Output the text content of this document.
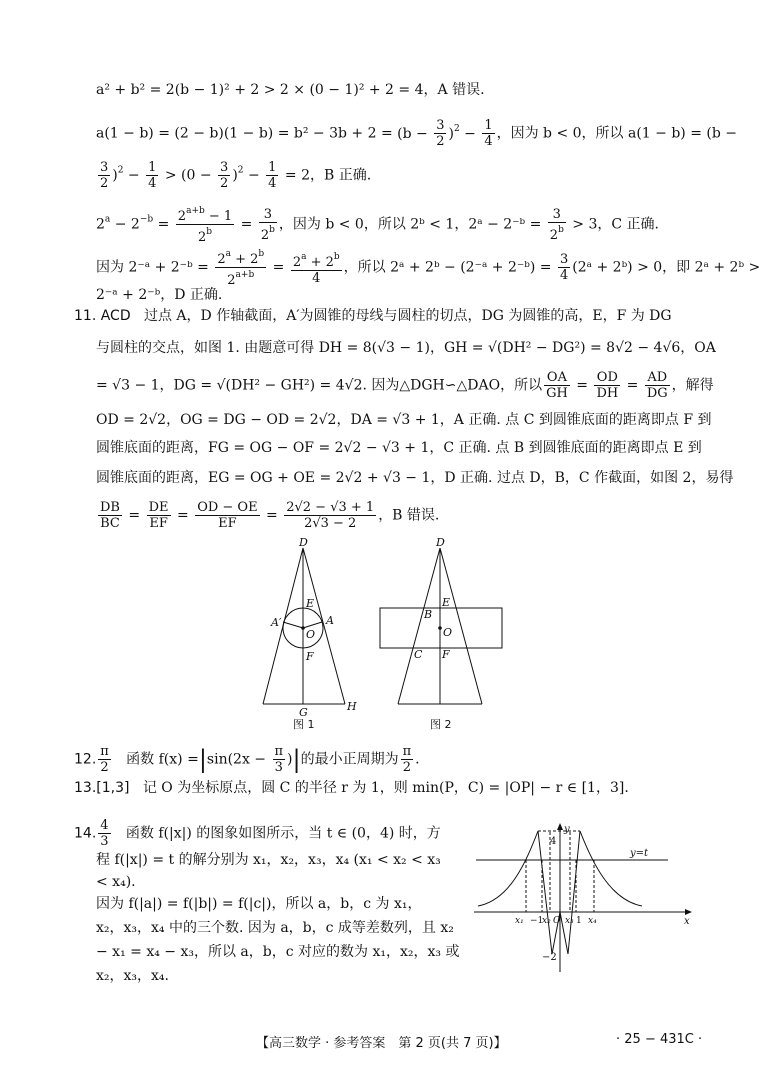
a² + b² = 2(b − 1)² + 2 > 2 × (0 − 1)² + 2 = 4，A 错误.
$a(1 - b) = (2 - b)(1 - b) = b^2 - 3b + 2 = (b - \frac{3}{2} )^2 - \frac{1}{4}$ ，因为 b < 0，所以 a(1 − b) = (b −
$\frac{3}{2} )^2 - \frac{1}{4} > (0 - \frac{3}{2} )^2 - \frac{1}{4} = 2$，B 正确.
$2^a - 2^{-b} = \frac{2^{a+b} - 1}{2^b} = \frac{3}{2^b}$ ，因为 b < 0，所以 2ᵇ < 1，2ᵃ − 2⁻ᵇ = $\frac{3}{2^b} > 3$，C 正确.
因为 2⁻ᵃ + 2⁻ᵇ = $\frac{2^a + 2^b}{2^{a+b}} = \frac{2^a + 2^b}{4}$ ，所以 2ᵃ + 2ᵇ − (2⁻ᵃ + 2⁻ᵇ) = $\frac{3}{4}$ (2ᵃ + 2ᵇ) > 0，即 2ᵃ + 2ᵇ >
2⁻ᵃ + 2⁻ᵇ，D 正确.
11. ACD 过点 A，D 作轴截面，A′为圆锥的母线与圆柱的切点，DG 为圆锥的高，E，F 为 DG
与圆柱的交点，如图 1. 由题意可得 DH = 8(√3 − 1)，GH = √(DH² − DG²) = 8√2 − 4√6，OA
= √3 − 1，DG = √(DH² − GH²) = 4√2. 因为△DGH∽△DAO，所以 $\frac{OA}{GH} = \frac{OD}{DH} = \frac{AD}{DG}$ ，解得
OD = 2√2，OG = DG − OD = 2√2，DA = √3 + 1，A 正确. 点 C 到圆锥底面的距离即点 F 到
圆锥底面的距离，FG = OG − OF = 2√2 − √3 + 1，C 正确. 点 B 到圆锥底面的距离即点 E 到
圆锥底面的距离，EG = OG + OE = 2√2 + √3 − 1，D 正确. 过点 D，B，C 作截面，如图 2，易得
$\frac{DB}{BC} = \frac{DE}{EF} = \frac{OD - OE}{EF} = \frac{2√2 - √3 + 1}{2√3 - 2}$ ，B 错误.
D
E
A′	A
O
F
G	H
图 1
D
E
B
O
C F
图 2
12. $\frac{\pi}{2}$ 函数 $f(x) =|\sin(2x - \frac{\pi}{3}$ )|的最小正周期为 $\frac{\pi}{2}$ .
13.[1,3] 记 O 为坐标原点，圆 C 的半径 r 为 1，则 min(P，C) = |OP| − r ∈ [1，3].
14. $\frac{4}{3}$ 函数 f(|x|) 的图象如图所示，当 t ∈ (0，4) 时，方
程 f(|x|) = t 的解分别为 x₁，x₂，x₃，x₄ (x₁ < x₂ < x₃
< x₄).
因为 f(|a|) = f(|b|) = f(|c|)，所以 a，b，c 为 x₁，
x₂，x₃，x₄ 中的三个数. 因为 a，b，c 成等差数列，且 x₂
− x₁ = x₄ − x₃，所以 a，b，c 对应的数为 x₁，x₂，x₃ 或
x₂，x₃，x₄.
y
x
4
−2
y=t
x₁ −1
x₂ O x₃ 1 x₄
【高三数学 · 参考答案　第 2 页(共 7 页)】	· 25 − 431C ·
